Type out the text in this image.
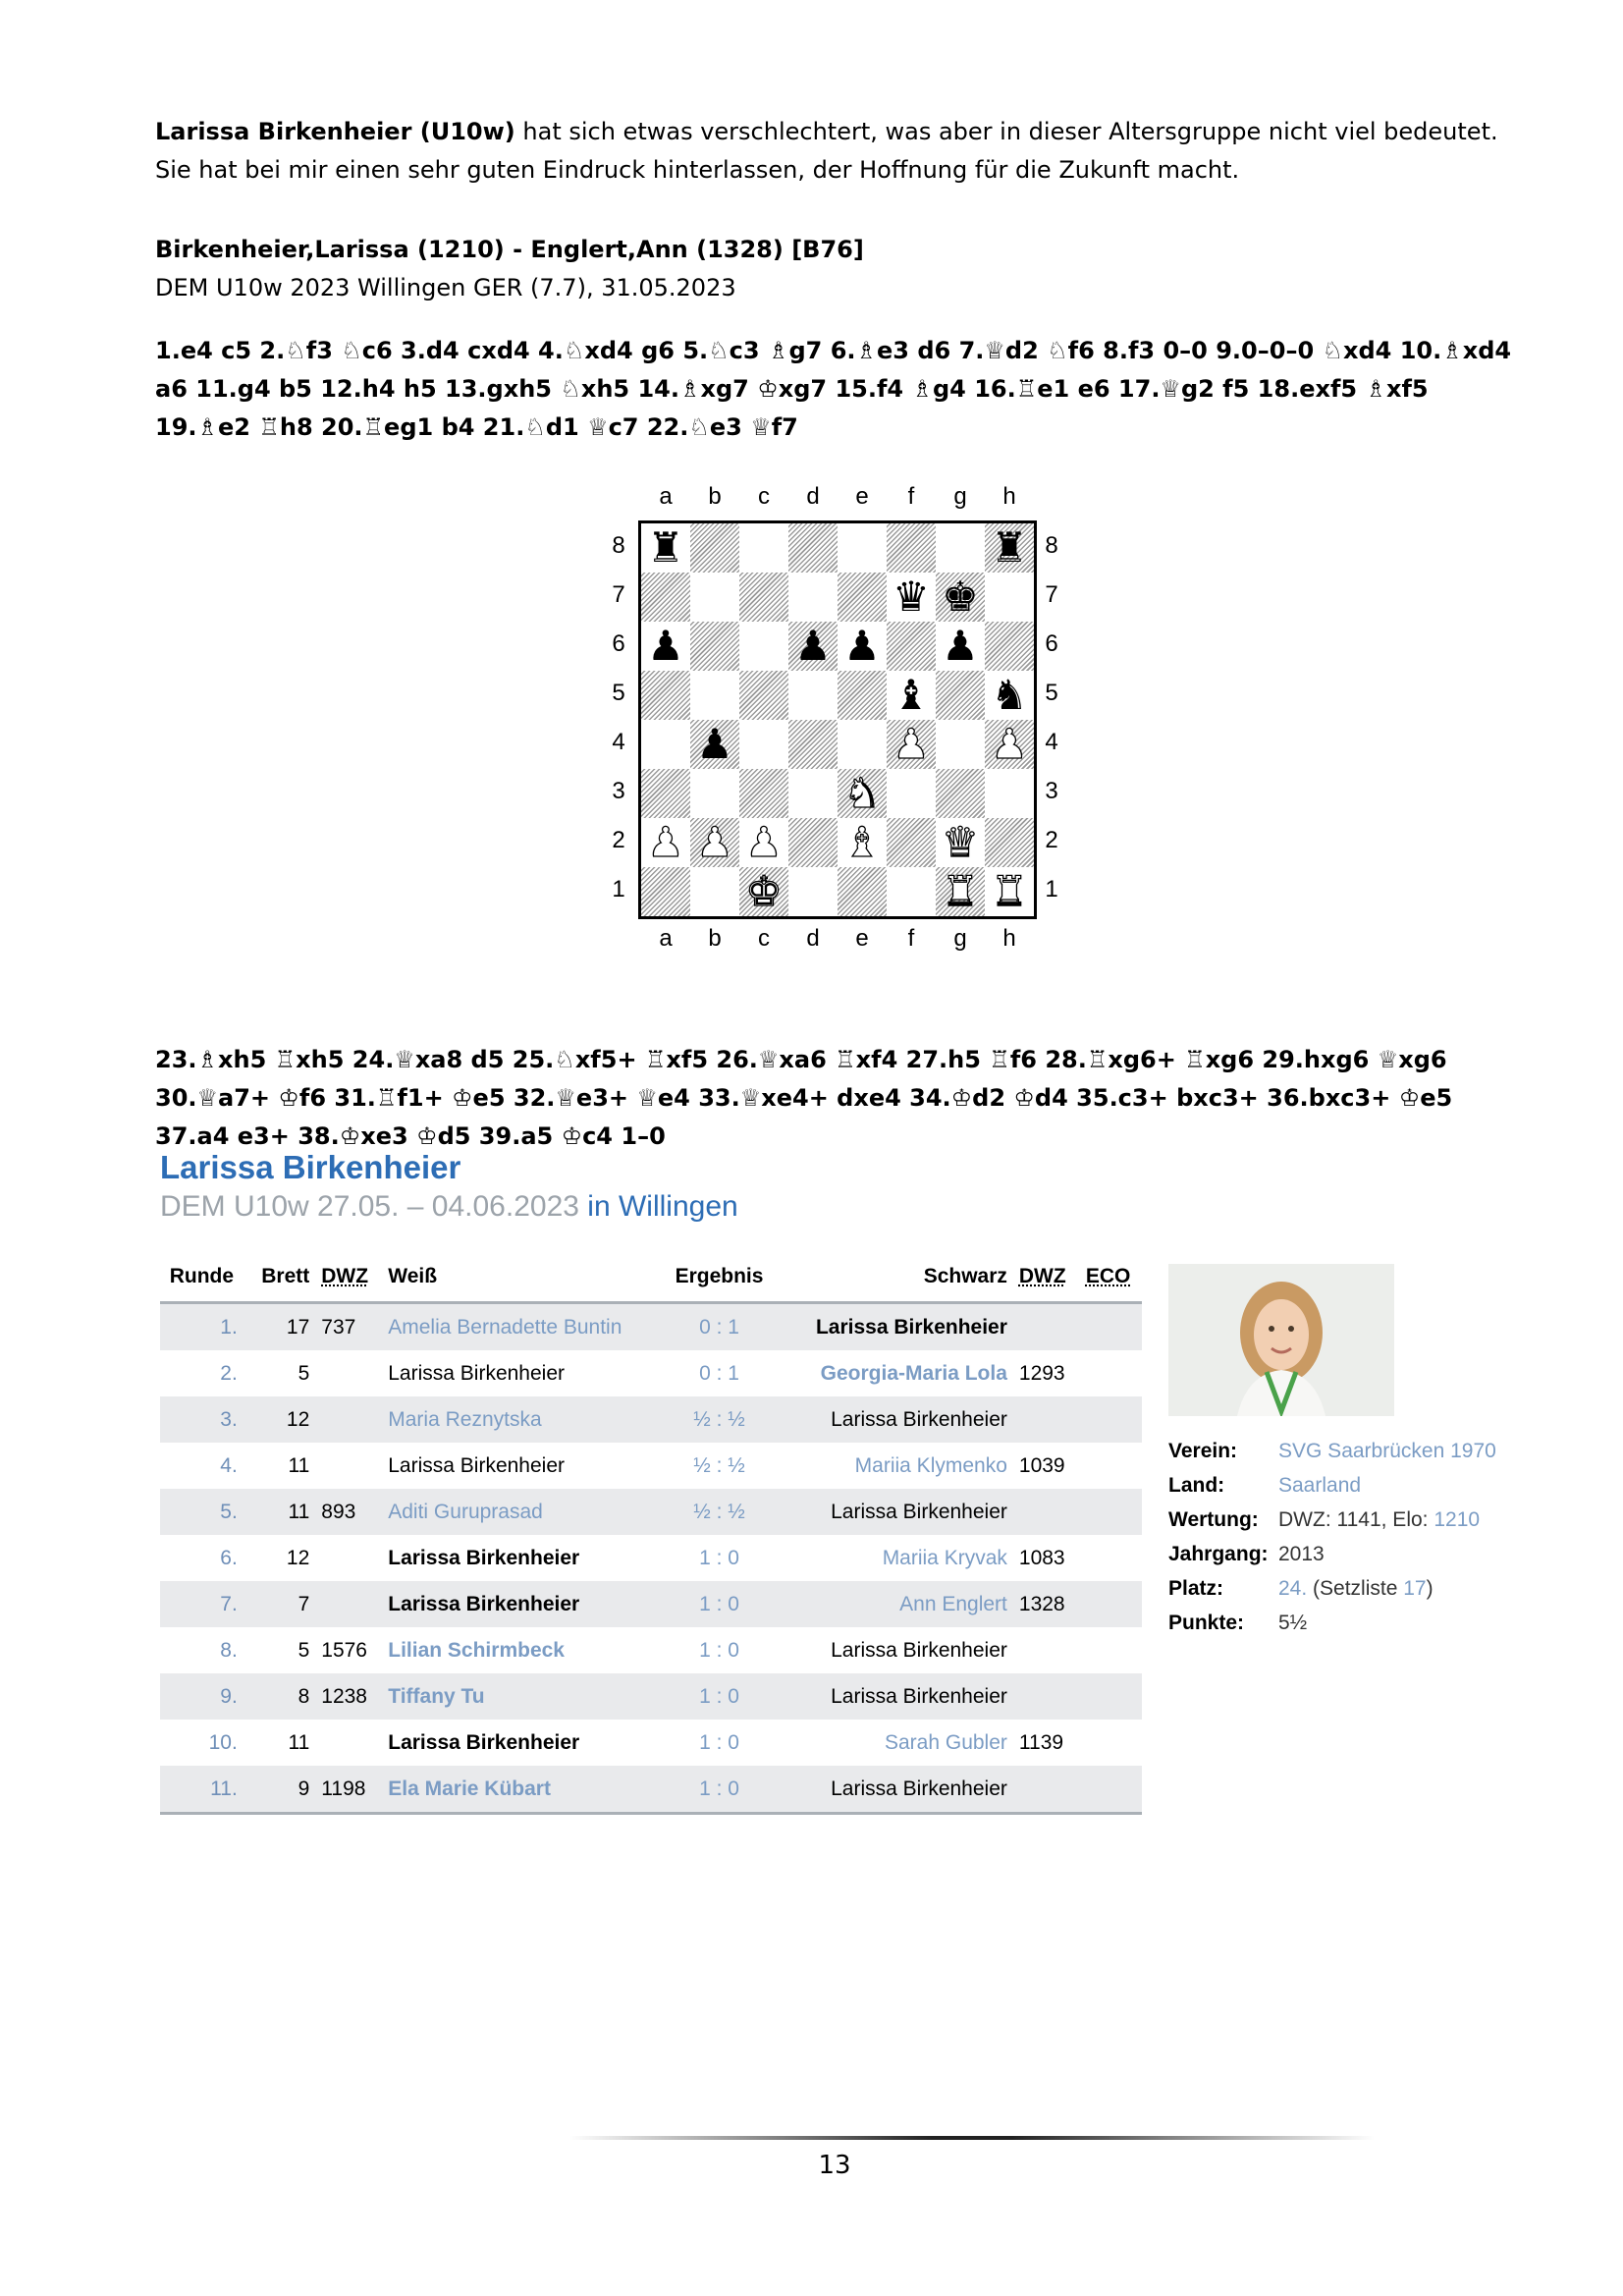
Larissa Birkenheier (U10w) hat sich etwas verschlechtert, was aber in dieser Altersgruppe nicht viel bedeutet. Sie hat bei mir einen sehr guten Eindruck hinterlassen, der Hoffnung für die Zukunft macht.
Birkenheier,Larissa (1210) - Englert,Ann (1328) [B76]
DEM U10w 2023 Willingen GER (7.7), 31.05.2023
1.e4 c5 2.♘f3 ♘c6 3.d4 cxd4 4.♘xd4 g6 5.♘c3 ♗g7 6.♗e3 d6 7.♕d2 ♘f6 8.f3 0–0 9.0–0–0 ♘xd4 10.♗xd4 a6 11.g4 b5 12.h4 h5 13.gxh5 ♘xh5 14.♗xg7 ♔xg7 15.f4 ♗g4 16.♖e1 e6 17.♕g2 f5 18.exf5 ♗xf5 19.♗e2 ♖h8 20.♖eg1 b4 21.♘d1 ♕c7 22.♘e3 ♕f7
♜	♜
♛ ♚
♟	♟ ♟ ♟
♝ ♞
♟	♟ ♟
♞
♟ ♟ ♟ ♝ ♛
♚	♜ ♜
a
a
b
b
c
c
d
d
e
e
f
f
g
g
h
h
8	8
7	7
6	6
5	5
4	4
3	3
2	2
1	1
23.♗xh5 ♖xh5 24.♕xa8 d5 25.♘xf5+ ♖xf5 26.♕xa6 ♖xf4 27.h5 ♖f6 28.♖xg6+ ♖xg6 29.hxg6 ♕xg6 30.♕a7+ ♔f6 31.♖f1+ ♔e5 32.♕e3+ ♕e4 33.♕xe4+ dxe4 34.♔d2 ♔d4 35.c3+ bxc3+ 36.bxc3+ ♔e5 37.a4 e3+ 38.♔xe3 ♔d5 39.a5 ♔c4 1–0
Larissa Birkenheier
DEM U10w 27.05. – 04.06.2023 in Willingen
Runde	Brett	DWZ	Weiß	Ergebnis	Schwarz	DWZ	ECO
1.	17	737	Amelia Bernadette Buntin	0 : 1	Larissa Birkenheier		
2.	5		Larissa Birkenheier	0 : 1	Georgia-Maria Lola	1293	
3.	12		Maria Reznytska	½ : ½	Larissa Birkenheier		
4.	11		Larissa Birkenheier	½ : ½	Mariia Klymenko	1039	
5.	11	893	Aditi Guruprasad	½ : ½	Larissa Birkenheier		
6.	12		Larissa Birkenheier	1 : 0	Mariia Kryvak	1083	
7.	7		Larissa Birkenheier	1 : 0	Ann Englert	1328	
8.	5	1576	Lilian Schirmbeck	1 : 0	Larissa Birkenheier		
9.	8	1238	Tiffany Tu	1 : 0	Larissa Birkenheier		
10.	11		Larissa Birkenheier	1 : 0	Sarah Gubler	1139	
11.	9	1198	Ela Marie Kübart	1 : 0	Larissa Birkenheier		
Verein: SVG Saarbrücken 1970
Land:	Saarland
Wertung: DWZ: 1141, Elo: 1210
Jahrgang: 2013
Platz:	24. (Setzliste 17)
Punkte: 5½
13
